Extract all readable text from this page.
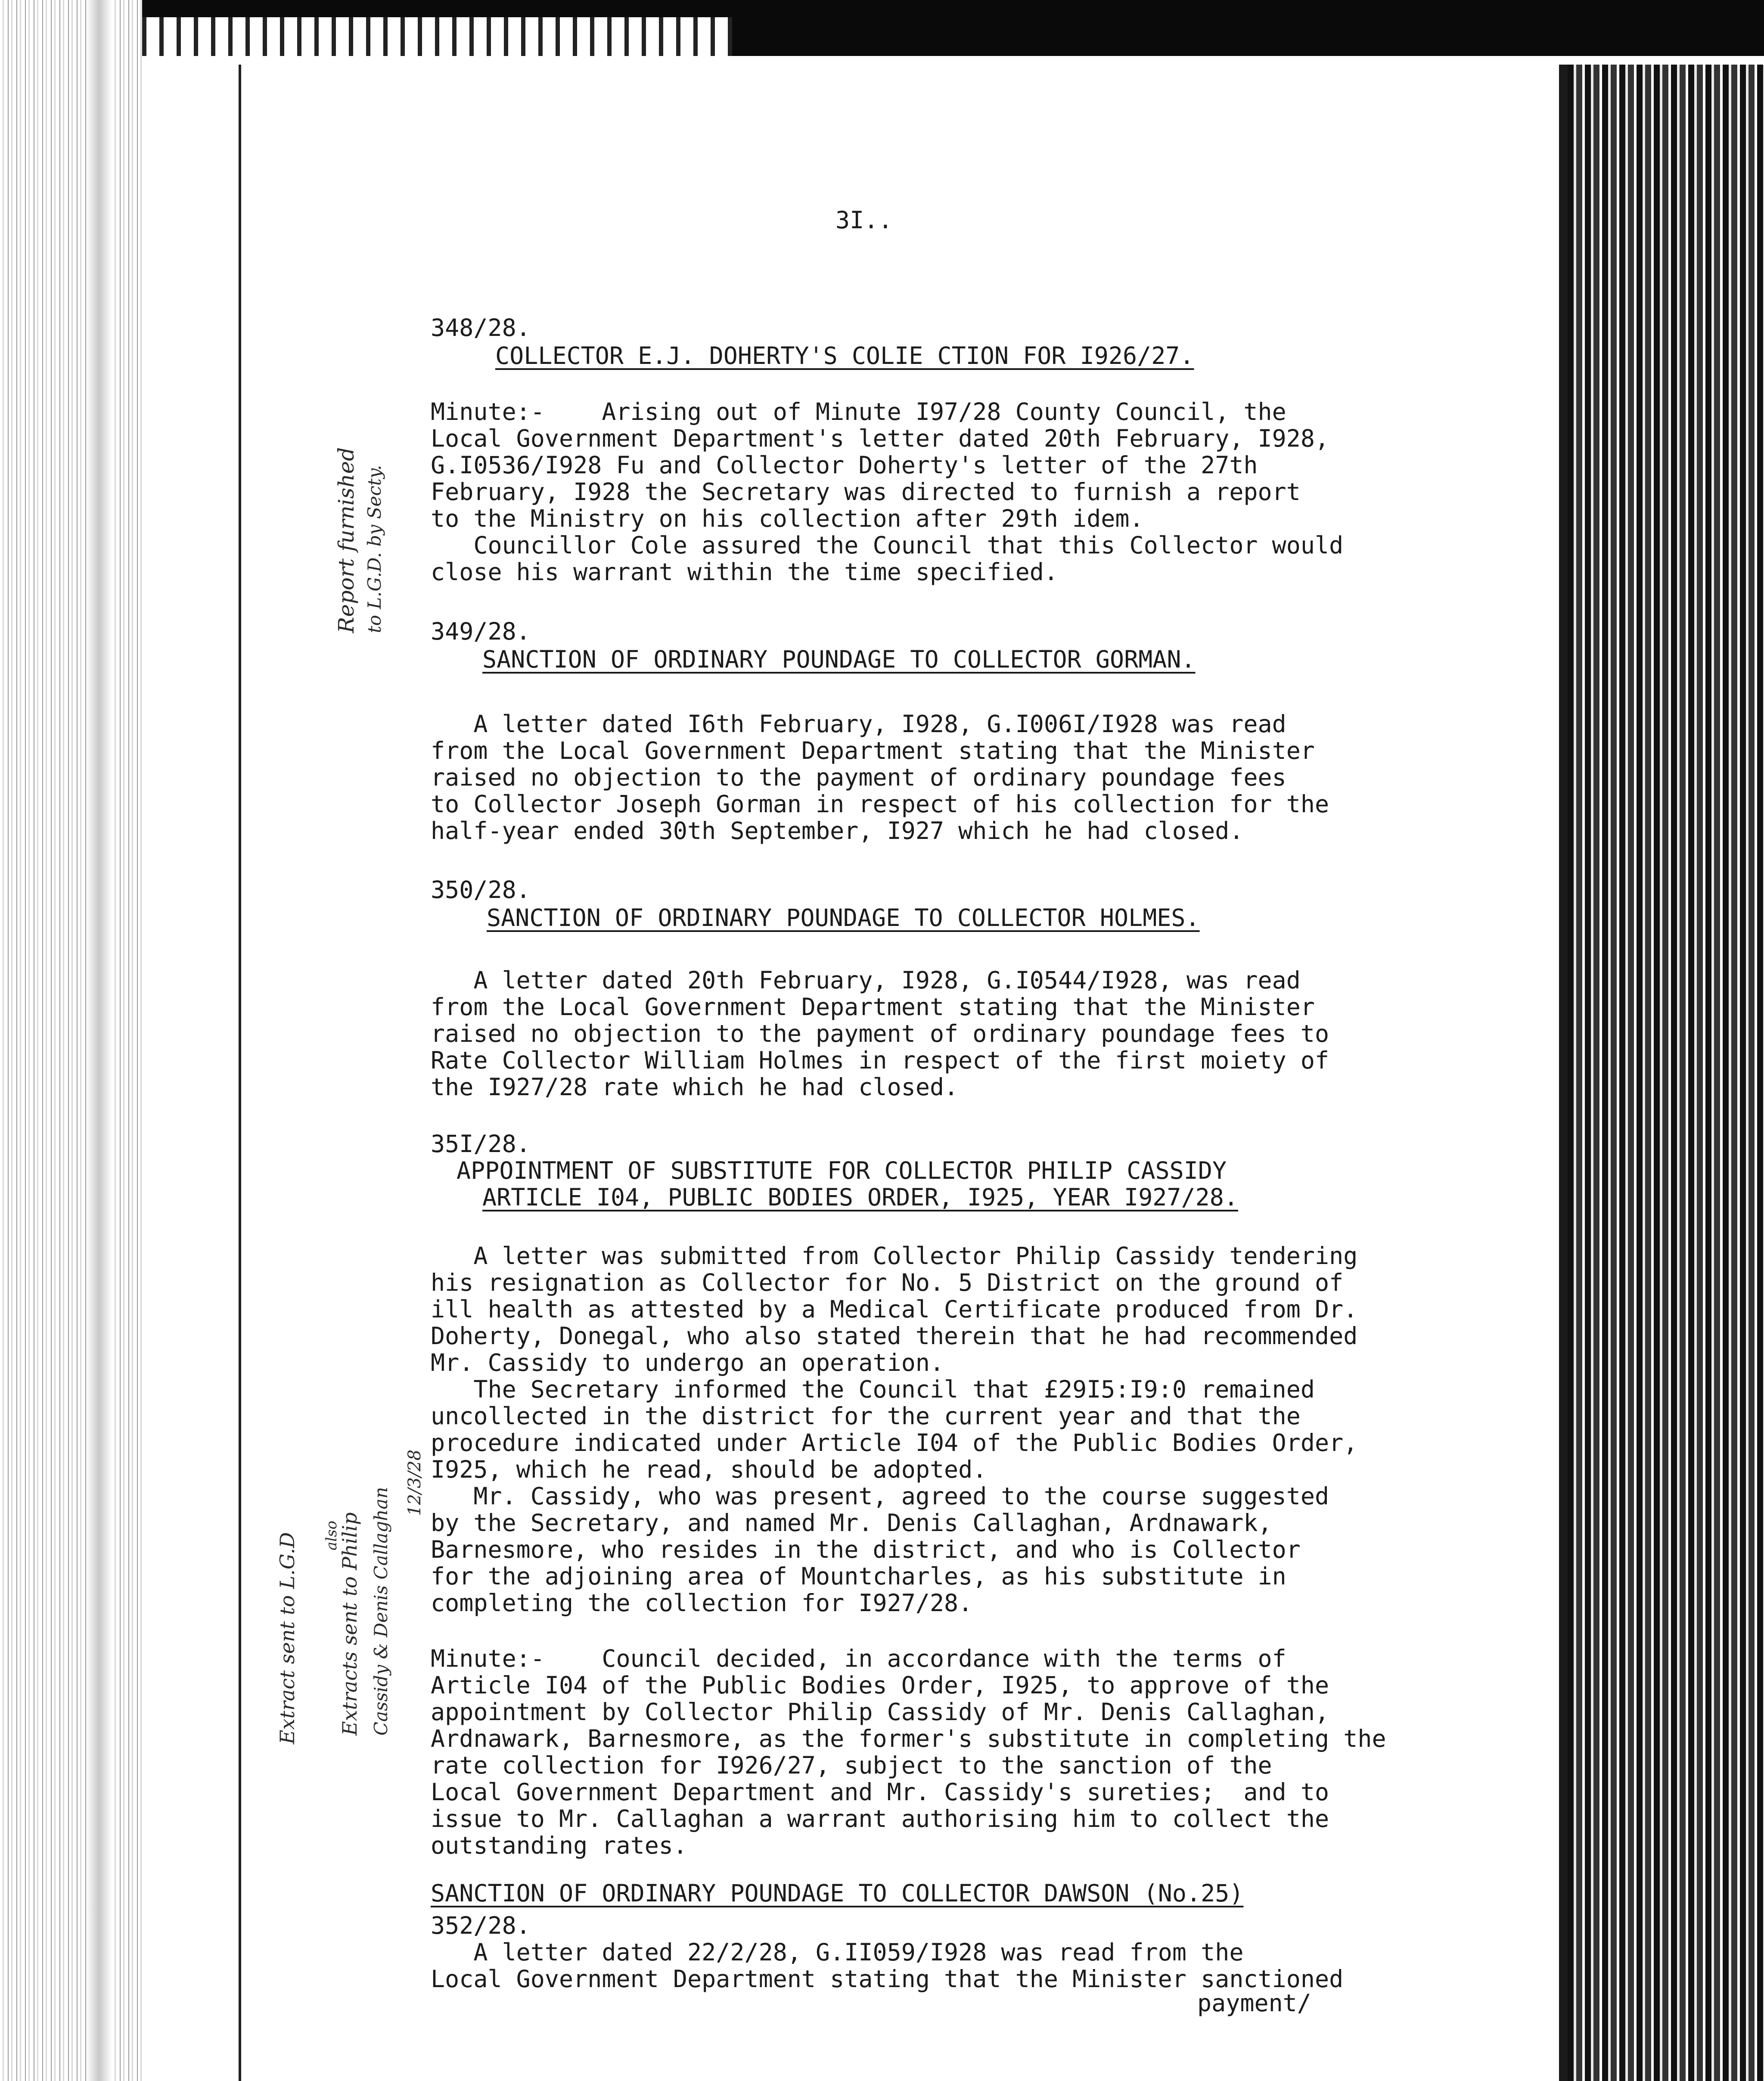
3I..
348/28.
COLLECTOR E.J. DOHERTY'S COLIE CTION FOR I926/27.
Minute:-    Arising out of Minute I97/28 County Council, the
Local Government Department's letter dated 20th February, I928,
G.I0536/I928 Fu and Collector Doherty's letter of the 27th
February, I928 the Secretary was directed to furnish a report
to the Ministry on his collection after 29th idem.
Councillor Cole assured the Council that this Collector would
close his warrant within the time specified.
349/28.
SANCTION OF ORDINARY POUNDAGE TO COLLECTOR GORMAN.
A letter dated I6th February, I928, G.I006I/I928 was read
from the Local Government Department stating that the Minister
raised no objection to the payment of ordinary poundage fees
to Collector Joseph Gorman in respect of his collection for the
half-year ended 30th September, I927 which he had closed.
350/28.
SANCTION OF ORDINARY POUNDAGE TO COLLECTOR HOLMES.
A letter dated 20th February, I928, G.I0544/I928, was read
from the Local Government Department stating that the Minister
raised no objection to the payment of ordinary poundage fees to
Rate Collector William Holmes in respect of the first moiety of
the I927/28 rate which he had closed.
35I/28.
APPOINTMENT OF SUBSTITUTE FOR COLLECTOR PHILIP CASSIDY
ARTICLE I04, PUBLIC BODIES ORDER, I925, YEAR I927/28.
A letter was submitted from Collector Philip Cassidy tendering
his resignation as Collector for No. 5 District on the ground of
ill health as attested by a Medical Certificate produced from Dr.
Doherty, Donegal, who also stated therein that he had recommended
Mr. Cassidy to undergo an operation.
The Secretary informed the Council that £29I5:I9:0 remained
uncollected in the district for the current year and that the
procedure indicated under Article I04 of the Public Bodies Order,
I925, which he read, should be adopted.
Mr. Cassidy, who was present, agreed to the course suggested
by the Secretary, and named Mr. Denis Callaghan, Ardnawark,
Barnesmore, who resides in the district, and who is Collector
for the adjoining area of Mountcharles, as his substitute in
completing the collection for I927/28.
Minute:-    Council decided, in accordance with the terms of
Article I04 of the Public Bodies Order, I925, to approve of the
appointment by Collector Philip Cassidy of Mr. Denis Callaghan,
Ardnawark, Barnesmore, as the former's substitute in completing the
rate collection for I926/27, subject to the sanction of the
Local Government Department and Mr. Cassidy's sureties;  and to
issue to Mr. Callaghan a warrant authorising him to collect the
outstanding rates.
SANCTION OF ORDINARY POUNDAGE TO COLLECTOR DAWSON (No.25)
352/28.
A letter dated 22/2/28, G.II059/I928 was read from the
Local Government Department stating that the Minister sanctioned
payment/
Report furnished to L.G.D. by Secty.
Extract sent to L.G.D Extracts sent to Philip
also Cassidy & Denis Callaghan
12/3/28
